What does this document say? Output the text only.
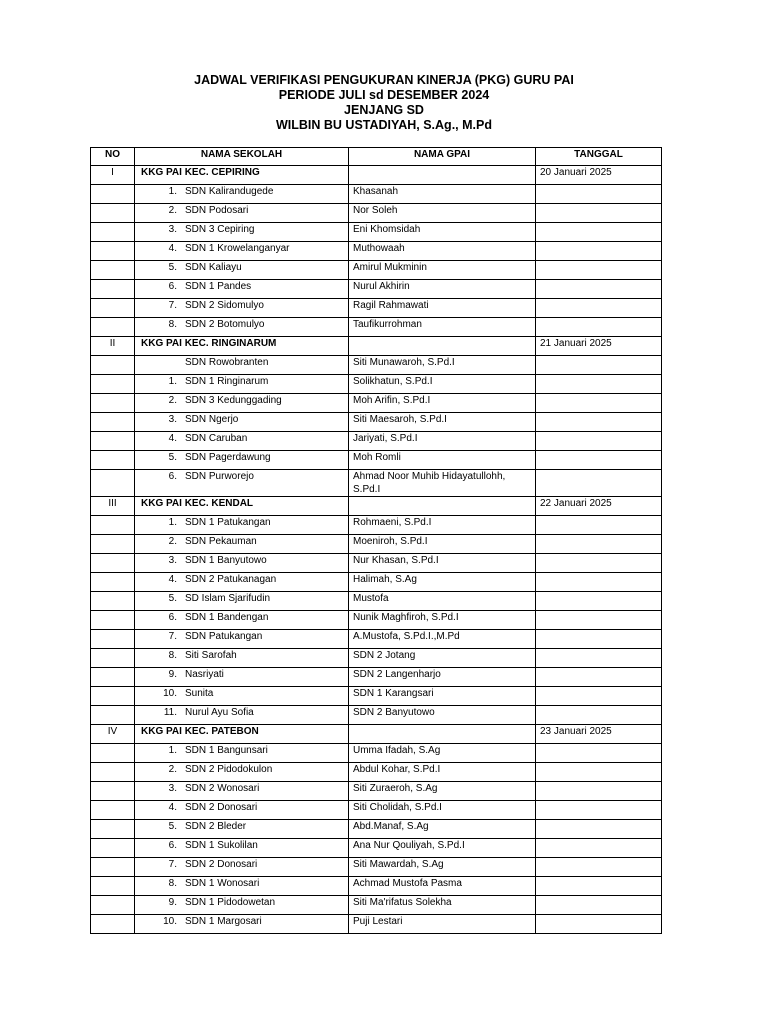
JADWAL VERIFIKASI PENGUKURAN KINERJA (PKG) GURU PAI

PERIODE JULI sd DESEMBER 2024

JENJANG SD

WILBIN BU USTADIYAH, S.Ag., M.Pd

NO	NAMA SEKOLAH	NAMA GPAI	TANGGAL
I	KKG PAI KEC. CEPIRING		20 Januari 2025
	1. SDN Kalirandugede	Khasanah	
	2. SDN Podosari	Nor Soleh	
	3. SDN 3 Cepiring	Eni Khomsidah	
	4. SDN 1 Krowelanganyar	Muthowaah	
	5. SDN Kaliayu	Amirul Mukminin	
	6. SDN 1 Pandes	Nurul Akhirin	
	7. SDN 2 Sidomulyo	Ragil Rahmawati	
	8. SDN 2 Botomulyo	Taufikurrohman	
II	KKG PAI KEC. RINGINARUM		21 Januari 2025
	SDN Rowobranten	Siti Munawaroh, S.Pd.I	
	1. SDN 1 Ringinarum	Solikhatun, S.Pd.I	
	2. SDN 3 Kedunggading	Moh Arifin, S.Pd.I	
	3. SDN Ngerjo	Siti Maesaroh, S.Pd.I	
	4. SDN Caruban	Jariyati, S.Pd.I	
	5. SDN Pagerdawung	Moh Romli	
	6. SDN Purworejo	Ahmad Noor Muhib Hidayatullohh, S.Pd.I	
III	KKG PAI KEC. KENDAL		22 Januari 2025
	1. SDN 1 Patukangan	Rohmaeni, S.Pd.I	
	2. SDN Pekauman	Moeniroh, S.Pd.I	
	3. SDN 1 Banyutowo	Nur Khasan, S.Pd.I	
	4. SDN 2 Patukanagan	Halimah, S.Ag	
	5. SD Islam Sjarifudin	Mustofa	
	6. SDN 1 Bandengan	Nunik Maghfiroh, S.Pd.I	
	7. SDN Patukangan	A.Mustofa, S.Pd.I.,M.Pd	
	8. Siti Sarofah	SDN 2 Jotang	
	9. Nasriyati	SDN 2 Langenharjo	
	10. Sunita	SDN 1 Karangsari	
	11. Nurul Ayu Sofia	SDN 2 Banyutowo	
IV	KKG PAI KEC. PATEBON		23 Januari 2025
	1. SDN 1 Bangunsari	Umma Ifadah, S.Ag	
	2. SDN 2 Pidodokulon	Abdul Kohar, S.Pd.I	
	3. SDN 2 Wonosari	Siti Zuraeroh, S.Ag	
	4. SDN 2 Donosari	Siti Cholidah, S.Pd.I	
	5. SDN 2 Bleder	Abd.Manaf, S.Ag	
	6. SDN 1 Sukolilan	Ana Nur Qouliyah, S.Pd.I	
	7. SDN 2 Donosari	Siti Mawardah, S.Ag	
	8. SDN 1 Wonosari	Achmad Mustofa Pasma	
	9. SDN 1 Pidodowetan	Siti Ma'rifatus Solekha	
	10. SDN 1 Margosari	Puji Lestari	
